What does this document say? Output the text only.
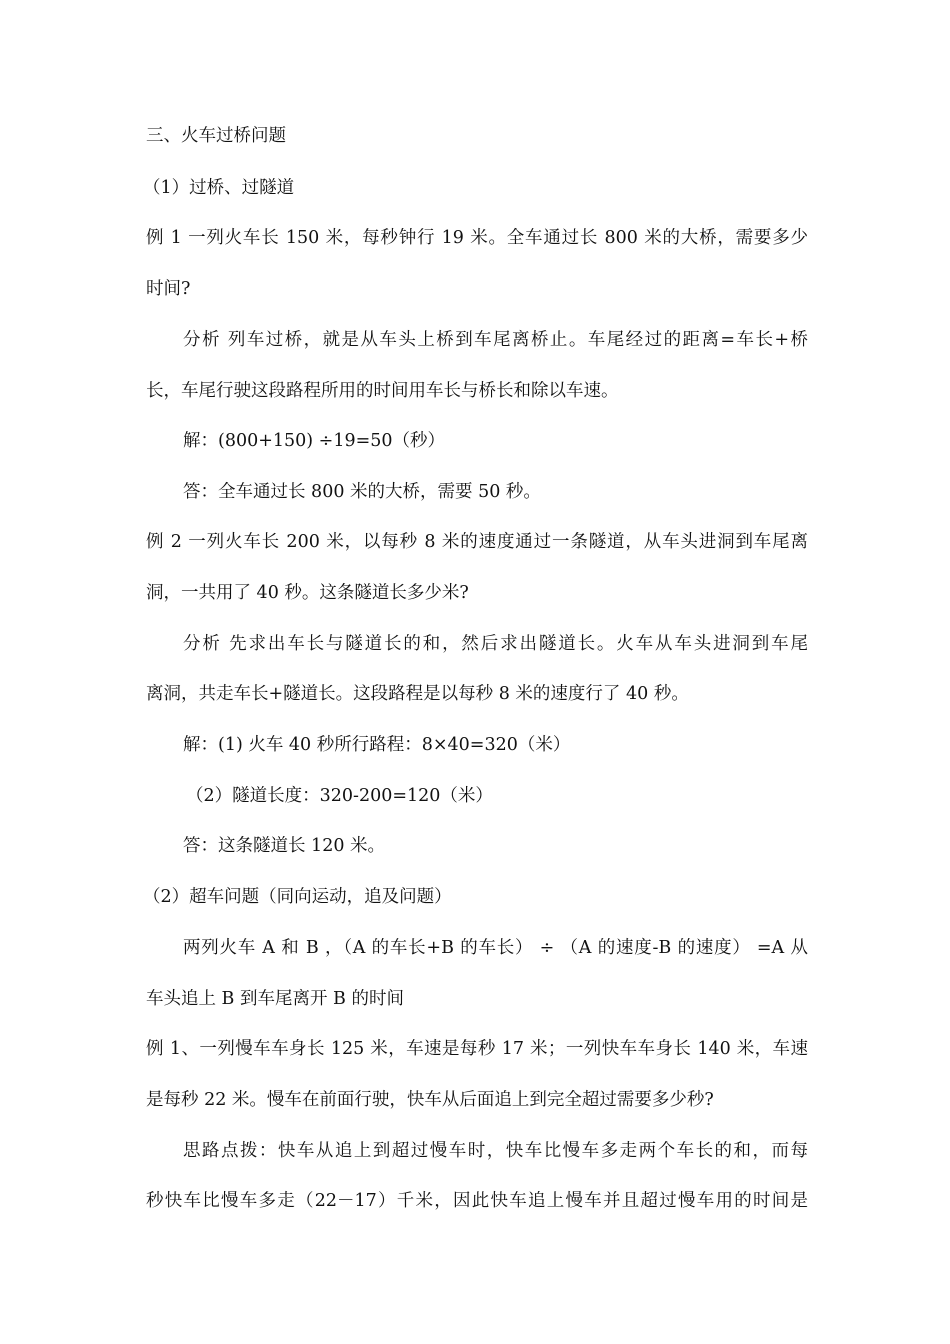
三、火车过桥问题
（1）过桥、过隧道
例 1 一列火车长 150 米，每秒钟行 19 米。全车通过长 800 米的大桥，需要多少
时间?
分析 列车过桥，就是从车头上桥到车尾离桥止。车尾经过的距离=车长+桥
长，车尾行驶这段路程所用的时间用车长与桥长和除以车速。
解：(800+150) ÷19=50（秒）
答：全车通过长 800 米的大桥，需要 50 秒。
例 2 一列火车长 200 米，以每秒 8 米的速度通过一条隧道，从车头进洞到车尾离
洞，一共用了 40 秒。这条隧道长多少米?
分析 先求出车长与隧道长的和，然后求出隧道长。火车从车头进洞到车尾
离洞，共走车长+隧道长。这段路程是以每秒 8 米的速度行了 40 秒。
解：(1) 火车 40 秒所行路程：8×40=320（米）
（2）隧道长度：320-200=120（米）
答：这条隧道长 120 米。
（2）超车问题（同向运动，追及问题）
两列火车 A 和 B ，（A 的车长+B 的车长） ÷ （A 的速度-B 的速度） =A 从
车头追上 B 到车尾离开 B 的时间
例 1、一列慢车车身长 125 米，车速是每秒 17 米；一列快车车身长 140 米，车速
是每秒 22 米。慢车在前面行驶，快车从后面追上到完全超过需要多少秒?
思路点拨：快车从追上到超过慢车时，快车比慢车多走两个车长的和，而每
秒快车比慢车多走（22－17）千米，因此快车追上慢车并且超过慢车用的时间是
